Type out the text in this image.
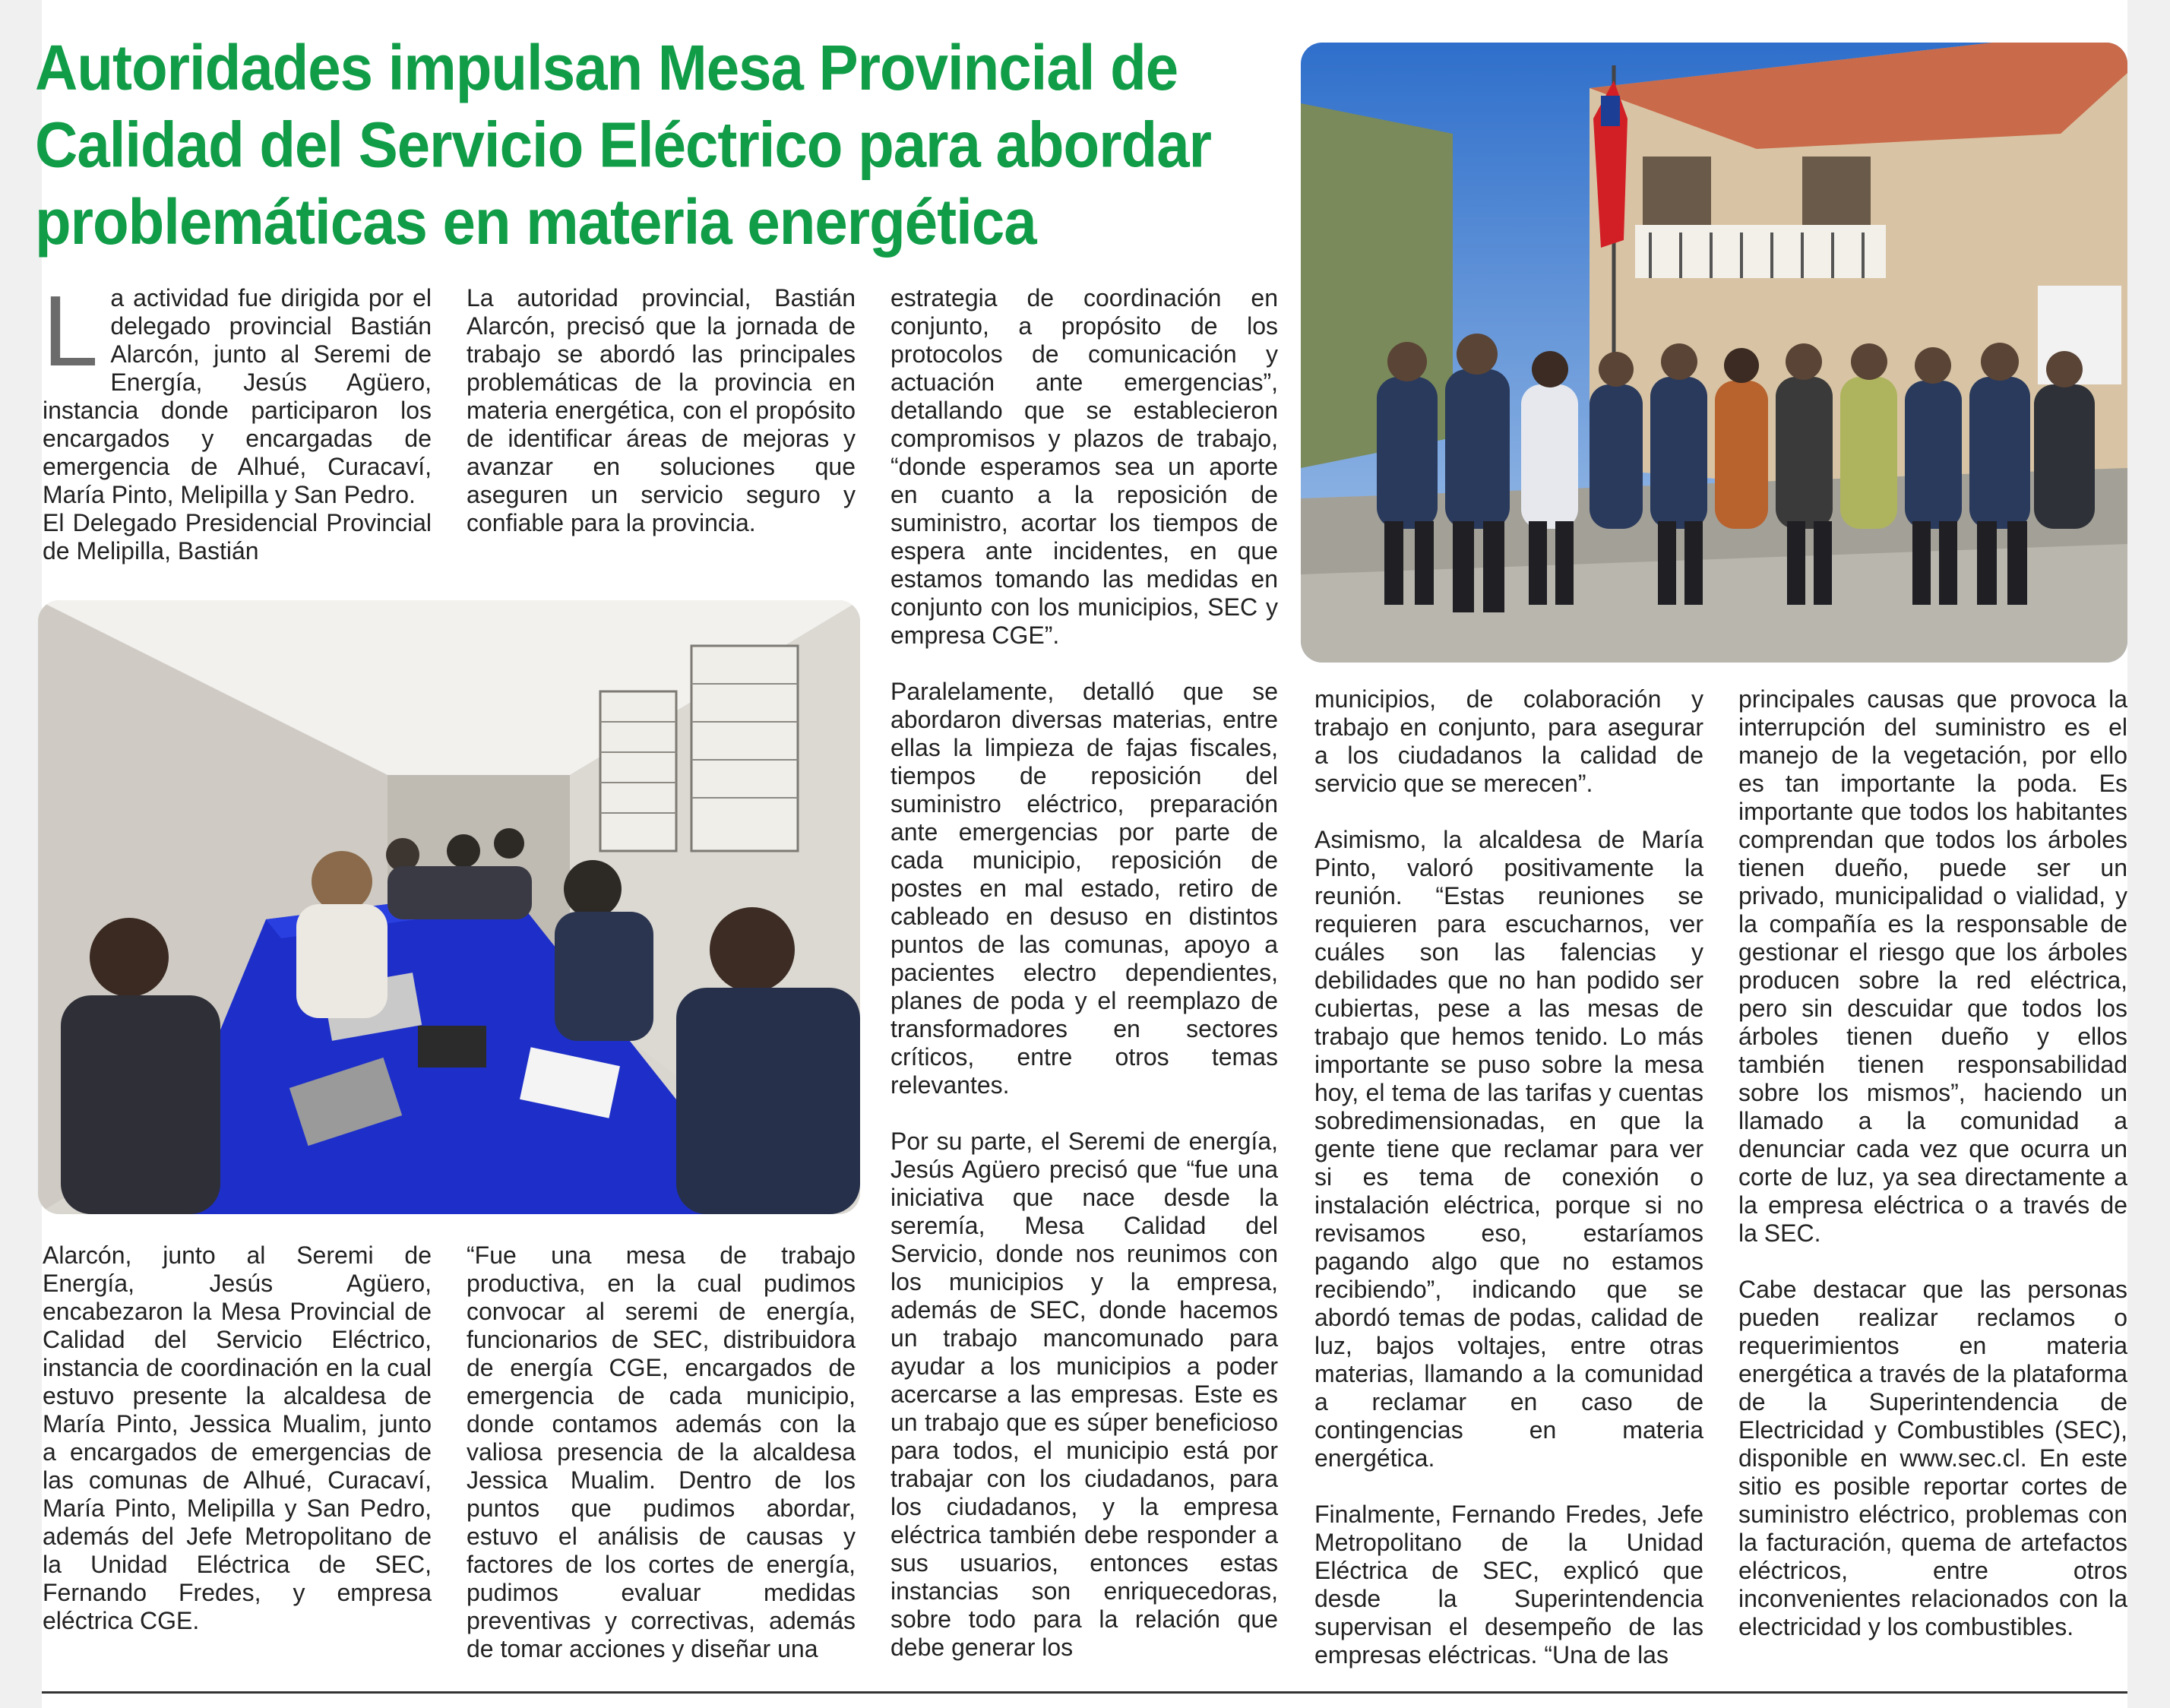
Autoridades impulsan Mesa Provincial de Calidad del Servicio Eléctrico para abordar problemáticas en materia energética

La actividad fue dirigida por el delegado provincial Bastián Alarcón, junto al Seremi de Energía, Jesús Agüero, instancia donde participaron los encargados y encargadas de emergencia de Alhué, Curacaví, María Pinto, Melipilla y San Pedro.

El Delegado Presidencial Provincial de Melipilla, Bastián

La autoridad provincial, Bastián Alarcón, precisó que la jornada de trabajo se abordó las principales problemáticas de la provincia en materia energética, con el propósito de identificar áreas de mejoras y avanzar en soluciones que aseguren un servicio seguro y confiable para la provincia.

Alarcón, junto al Seremi de Energía, Jesús Agüero, encabezaron la Mesa Provincial de Calidad del Servicio Eléctrico, instancia de coordinación en la cual estuvo presente la alcaldesa de María Pinto, Jessica Mualim, junto a encargados de emergencias de las comunas de Alhué, Curacaví, María Pinto, Melipilla y San Pedro, además del Jefe Metropolitano de la Unidad Eléctrica de SEC, Fernando Fredes, y empresa eléctrica CGE.

“Fue una mesa de trabajo productiva, en la cual pudimos convocar al seremi de energía, funcionarios de SEC, distribuidora de energía CGE, encargados de emergencia de cada municipio, donde contamos además con la valiosa presencia de la alcaldesa Jessica Mualim. Dentro de los puntos que pudimos abordar, estuvo el análisis de causas y factores de los cortes de energía, pudimos evaluar medidas preventivas y correctivas, además de tomar acciones y diseñar una

estrategia de coordinación en conjunto, a propósito de los protocolos de comunicación y actuación ante emergencias”, detallando que se establecieron compromisos y plazos de trabajo, “donde esperamos sea un aporte en cuanto a la reposición de suministro, acortar los tiempos de espera ante incidentes, en que estamos tomando las medidas en conjunto con los municipios, SEC y empresa CGE”.

Paralelamente, detalló que se abordaron diversas materias, entre ellas la limpieza de fajas fiscales, tiempos de reposición del suministro eléctrico, preparación ante emergencias por parte de cada municipio, reposición de postes en mal estado, retiro de cableado en desuso en distintos puntos de las comunas, apoyo a pacientes electro dependientes, planes de poda y el reemplazo de transformadores en sectores críticos, entre otros temas relevantes.

Por su parte, el Seremi de energía, Jesús Agüero precisó que “fue una iniciativa que nace desde la seremía, Mesa Calidad del Servicio, donde nos reunimos con los municipios y la empresa, además de SEC, donde hacemos un trabajo mancomunado para ayudar a los municipios a poder acercarse a las empresas. Este es un trabajo que es súper beneficioso para todos, el municipio está por trabajar con los ciudadanos, para los ciudadanos, y la empresa eléctrica también debe responder a sus usuarios, entonces estas instancias son enriquecedoras, sobre todo para la relación que debe generar los

municipios, de colaboración y trabajo en conjunto, para asegurar a los ciudadanos la calidad de servicio que se merecen”.

Asimismo, la alcaldesa de María Pinto, valoró positivamente la reunión. “Estas reuniones se requieren para escucharnos, ver cuáles son las falencias y debilidades que no han podido ser cubiertas, pese a las mesas de trabajo que hemos tenido. Lo más importante se puso sobre la mesa hoy, el tema de las tarifas y cuentas sobredimensionadas, en que la gente tiene que reclamar para ver si es tema de conexión o instalación eléctrica, porque si no revisamos eso, estaríamos pagando algo que no estamos recibiendo”, indicando que se abordó temas de podas, calidad de luz, bajos voltajes, entre otras materias, llamando a la comunidad a reclamar en caso de contingencias en materia energética.

Finalmente, Fernando Fredes, Jefe Metropolitano de la Unidad Eléctrica de SEC, explicó que desde la Superintendencia supervisan el desempeño de las empresas eléctricas. “Una de las

principales causas que provoca la interrupción del suministro es el manejo de la vegetación, por ello es tan importante la poda. Es importante que todos los habitantes comprendan que todos los árboles tienen dueño, puede ser un privado, municipalidad o vialidad, y la compañía es la responsable de gestionar el riesgo que los árboles producen sobre la red eléctrica, pero sin descuidar que todos los árboles tienen dueño y ellos también tienen responsabilidad sobre los mismos”, haciendo un llamado a la comunidad a denunciar cada vez que ocurra un corte de luz, ya sea directamente a la empresa eléctrica o a través de la SEC.

Cabe destacar que las personas pueden realizar reclamos o requerimientos en materia energética a través de la plataforma de la Superintendencia de Electricidad y Combustibles (SEC), disponible en www.sec.cl. En este sitio es posible reportar cortes de suministro eléctrico, problemas con la facturación, quema de artefactos eléctricos, entre otros inconvenientes relacionados con la electricidad y los combustibles.
